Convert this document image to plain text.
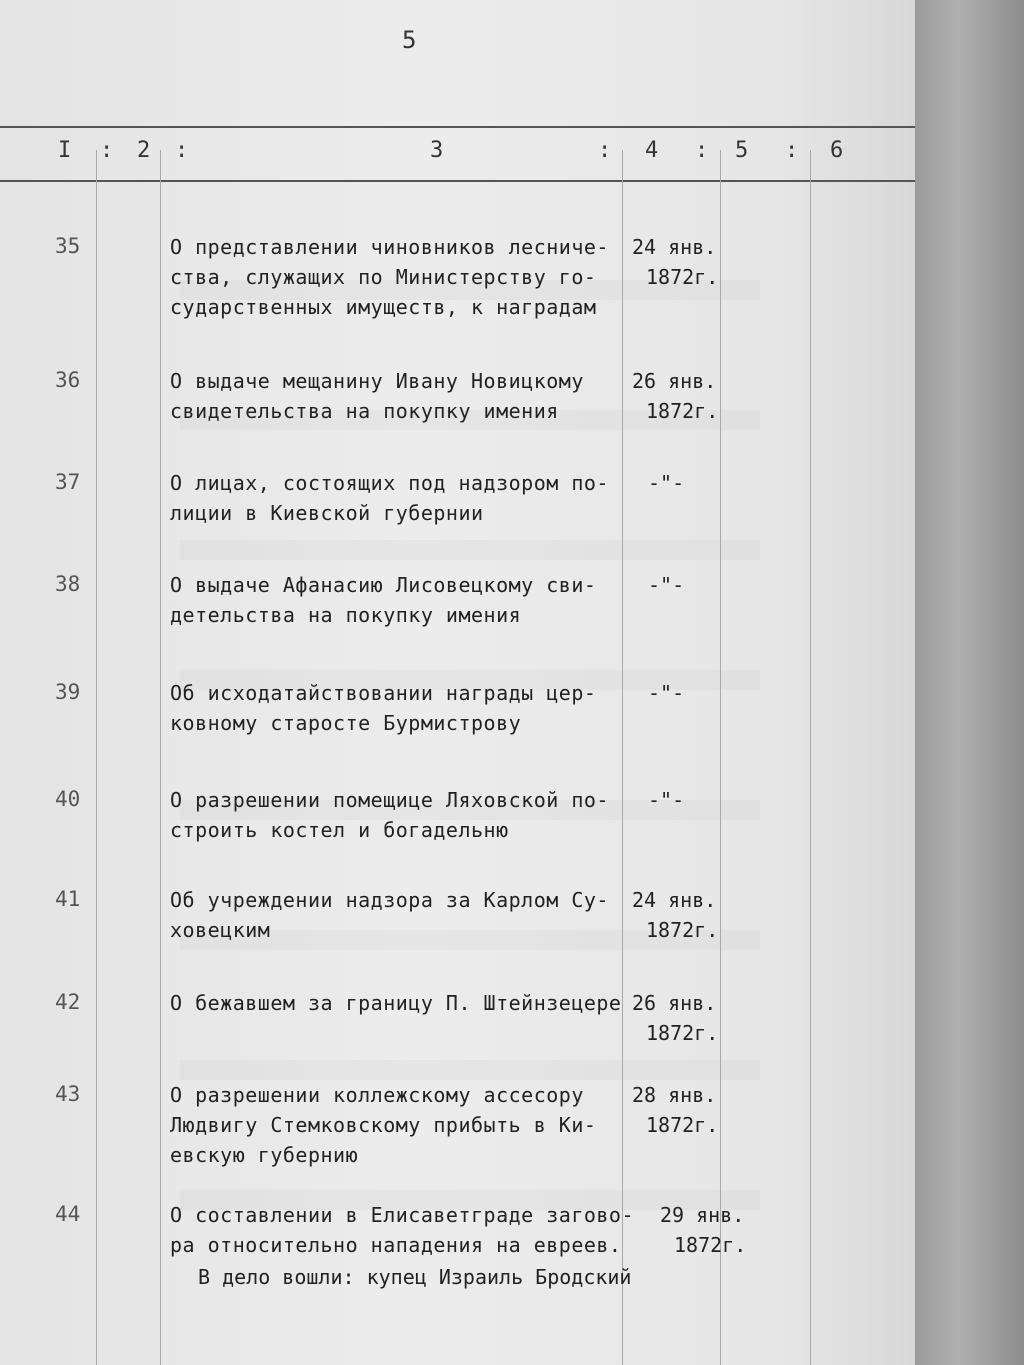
5
I : 2 :	3	: 4 : 5 : 6
35	О представлении чиновников лесниче-
ства, служащих по Министерству го-
сударственных имуществ, к наградам
24 янв.
1872г.
36	О выдаче мещанину Ивану Новицкому
свидетельства на покупку имения
26 янв.
1872г.
37	О лицах, состоящих под надзором по-
лиции в Киевской губернии
-"-
38	О выдаче Афанасию Лисовецкому сви-
детельства на покупку имения
-"-
39	Об исходатайствовании награды цер-
ковному старосте Бурмистрову
-"-
40	О разрешении помещице Ляховской по-
строить костел и богадельню
-"-
41	Об учреждении надзора за Карлом Су-
ховецким
24 янв.
1872г.
42	О бежавшем за границу П. Штейнзецере 26 янв.
1872г.
43	О разрешении коллежскому ассесору
Людвигу Стемковскому прибыть в Ки-
евскую губернию
28 янв.
1872г.
44	О составлении в Елисаветграде загово-
ра относительно нападения на евреев.
29 янв.
1872г.
В дело вошли: купец Израиль Бродский
